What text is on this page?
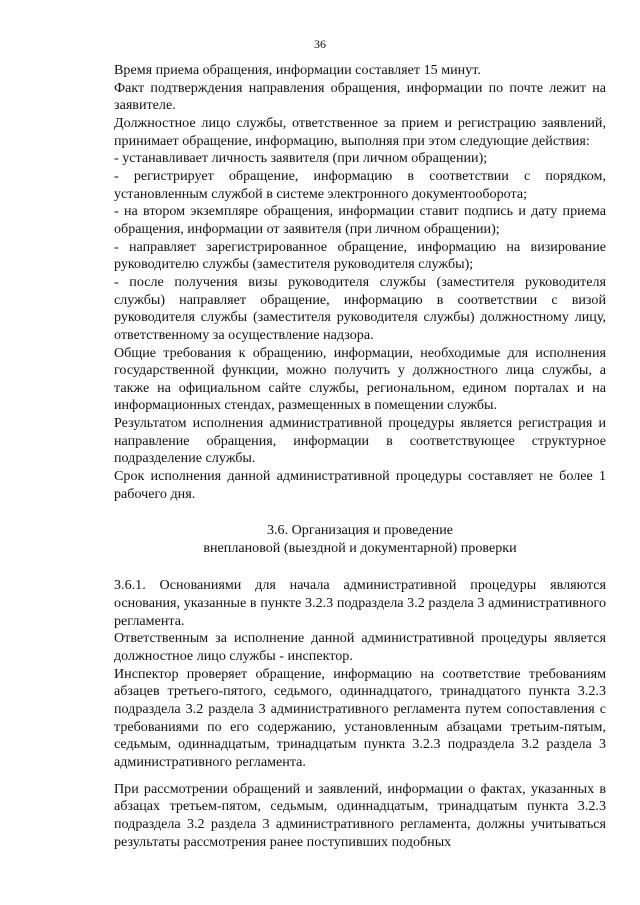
36

Время приема обращения, информации составляет 15 минут.

Факт подтверждения направления обращения, информации по почте лежит на заявителе.

Должностное лицо службы, ответственное за прием и регистрацию заявлений, принимает обращение, информацию, выполняя при этом следующие действия:

- устанавливает личность заявителя (при личном обращении);

- регистрирует обращение, информацию в соответствии с порядком, установленным службой в системе электронного документооборота;

- на втором экземпляре обращения, информации ставит подпись и дату приема обращения, информации от заявителя (при личном обращении);

- направляет зарегистрированное обращение, информацию на визирование руководителю службы (заместителя руководителя службы);

- после получения визы руководителя службы (заместителя руководителя службы) направляет обращение, информацию в соответствии с визой руководителя службы (заместителя руководителя службы) должностному лицу, ответственному за осуществление надзора.

Общие требования к обращению, информации, необходимые для исполнения государственной функции, можно получить у должностного лица службы, а также на официальном сайте службы, региональном, едином порталах и на информационных стендах, размещенных в помещении службы.

Результатом исполнения административной процедуры является регистрация и направление обращения, информации в соответствующее структурное подразделение службы.

Срок исполнения данной административной процедуры составляет не более 1 рабочего дня.

3.6. Организация и проведение

внеплановой (выездной и документарной) проверки

3.6.1. Основаниями для начала административной процедуры являются основания, указанные в пункте 3.2.3 подраздела 3.2 раздела 3 административного регламента.

Ответственным за исполнение данной административной процедуры является должностное лицо службы - инспектор.

Инспектор проверяет обращение, информацию на соответствие требованиям абзацев третьего-пятого, седьмого, одиннадцатого, тринадцатого пункта 3.2.3 подраздела 3.2 раздела 3 административного регламента путем сопоставления с требованиями по его содержанию, установленным абзацами третьим-пятым, седьмым, одиннадцатым, тринадцатым пункта 3.2.3 подраздела 3.2 раздела 3 административного регламента.

При рассмотрении обращений и заявлений, информации о фактах, указанных в абзацах третьем-пятом, седьмым, одиннадцатым, тринадцатым пункта 3.2.3 подраздела 3.2 раздела 3 административного регламента, должны учитываться результаты рассмотрения ранее поступивших подобных
